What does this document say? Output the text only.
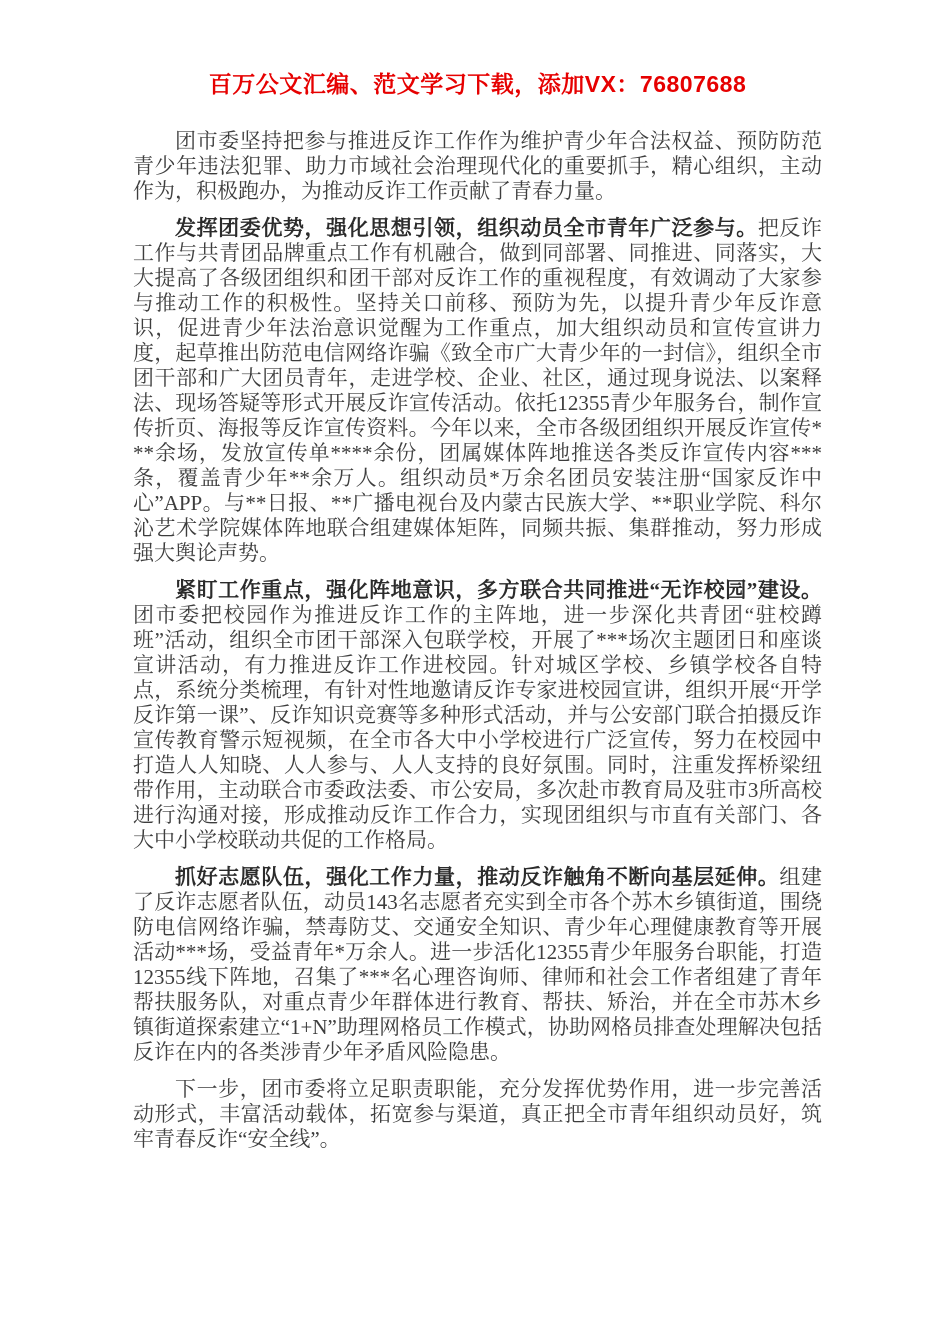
百万公文汇编、范文学习下载，添加VX：76807688

团市委坚持把参与推进反诈工作作为维护青少年合法权益、预防防范青少年违法犯罪、助力市域社会治理现代化的重要抓手，精心组织，主动作为，积极跑办，为推动反诈工作贡献了青春力量。

发挥团委优势，强化思想引领，组织动员全市青年广泛参与。把反诈工作与共青团品牌重点工作有机融合，做到同部署、同推进、同落实，大大提高了各级团组织和团干部对反诈工作的重视程度，有效调动了大家参与推动工作的积极性。坚持关口前移、预防为先，以提升青少年反诈意识，促进青少年法治意识觉醒为工作重点，加大组织动员和宣传宣讲力度，起草推出防范电信网络诈骗《致全市广大青少年的一封信》，组织全市团干部和广大团员青年，走进学校、企业、社区，通过现身说法、以案释法、现场答疑等形式开展反诈宣传活动。依托12355青少年服务台，制作宣传折页、海报等反诈宣传资料。今年以来，全市各级团组织开展反诈宣传***余场，发放宣传单****余份，团属媒体阵地推送各类反诈宣传内容***条，覆盖青少年**余万人。组织动员*万余名团员安装注册“国家反诈中心”APP。与**日报、**广播电视台及内蒙古民族大学、**职业学院、科尔沁艺术学院媒体阵地联合组建媒体矩阵，同频共振、集群推动，努力形成强大舆论声势。

紧盯工作重点，强化阵地意识，多方联合共同推进“无诈校园”建设。团市委把校园作为推进反诈工作的主阵地，进一步深化共青团“驻校蹲班”活动，组织全市团干部深入包联学校，开展了***场次主题团日和座谈宣讲活动，有力推进反诈工作进校园。针对城区学校、乡镇学校各自特点，系统分类梳理，有针对性地邀请反诈专家进校园宣讲，组织开展“开学反诈第一课”、反诈知识竞赛等多种形式活动，并与公安部门联合拍摄反诈宣传教育警示短视频，在全市各大中小学校进行广泛宣传，努力在校园中打造人人知晓、人人参与、人人支持的良好氛围。同时，注重发挥桥梁纽带作用，主动联合市委政法委、市公安局，多次赴市教育局及驻市3所高校进行沟通对接，形成推动反诈工作合力，实现团组织与市直有关部门、各大中小学校联动共促的工作格局。

抓好志愿队伍，强化工作力量，推动反诈触角不断向基层延伸。组建了反诈志愿者队伍，动员143名志愿者充实到全市各个苏木乡镇街道，围绕防电信网络诈骗，禁毒防艾、交通安全知识、青少年心理健康教育等开展活动***场，受益青年*万余人。进一步活化12355青少年服务台职能，打造12355线下阵地，召集了***名心理咨询师、律师和社会工作者组建了青年帮扶服务队，对重点青少年群体进行教育、帮扶、矫治，并在全市苏木乡镇街道探索建立“1+N”助理网格员工作模式，协助网格员排查处理解决包括反诈在内的各类涉青少年矛盾风险隐患。

下一步，团市委将立足职责职能，充分发挥优势作用，进一步完善活动形式，丰富活动载体，拓宽参与渠道，真正把全市青年组织动员好，筑牢青春反诈“安全线”。
